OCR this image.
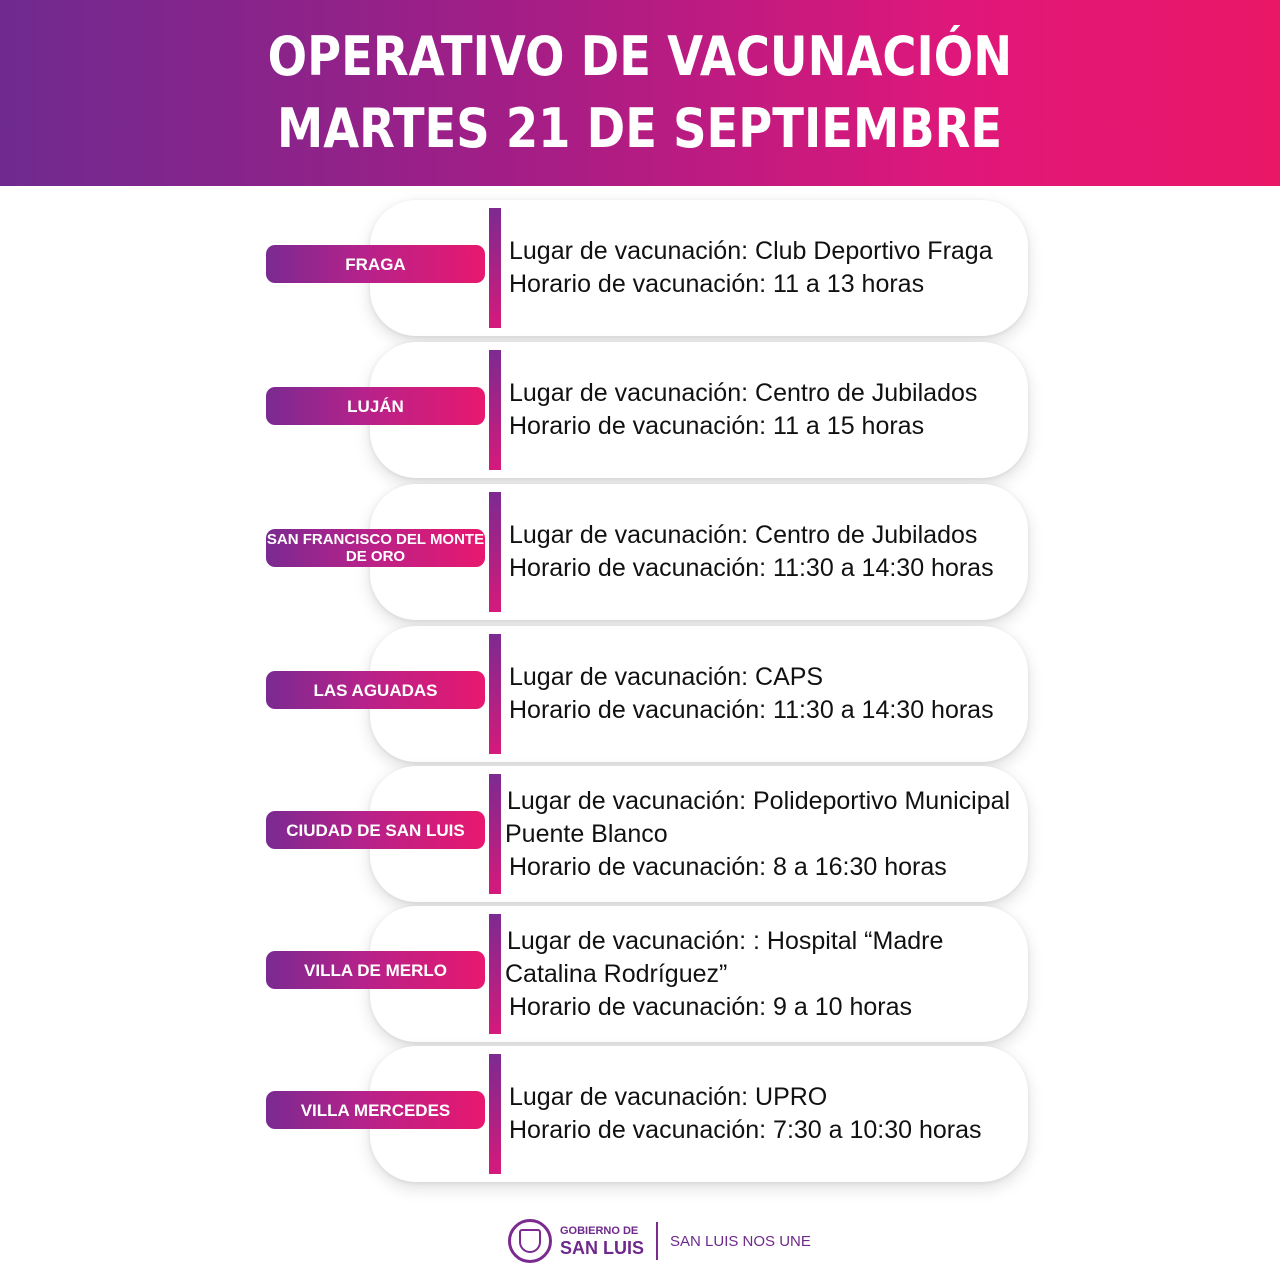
OPERATIVO DE VACUNACIÓN
MARTES 21 DE SEPTIEMBRE
FRAGA	Lugar de vacunación: Club Deportivo Fraga
Horario de vacunación: 11 a 13 horas
LUJÁN	Lugar de vacunación: Centro de Jubilados
Horario de vacunación: 11 a 15 horas
SAN FRANCISCO DEL MONTE DE ORO
Lugar de vacunación: Centro de Jubilados
Horario de vacunación: 11:30 a 14:30 horas
LAS AGUADAS	Lugar de vacunación: CAPS
Horario de vacunación: 11:30 a 14:30 horas
CIUDAD DE SAN LUIS
Lugar de vacunación: Polideportivo Municipal Puente Blanco
Horario de vacunación: 8 a 16:30 horas
VILLA DE MERLO
Lugar de vacunación: : Hospital “Madre Catalina Rodríguez”
Horario de vacunación: 9 a 10 horas
VILLA MERCEDES	Lugar de vacunación: UPRO
Horario de vacunación: 7:30 a 10:30 horas
GOBIERNO DE
SAN LUIS SAN LUIS NOS UNE
